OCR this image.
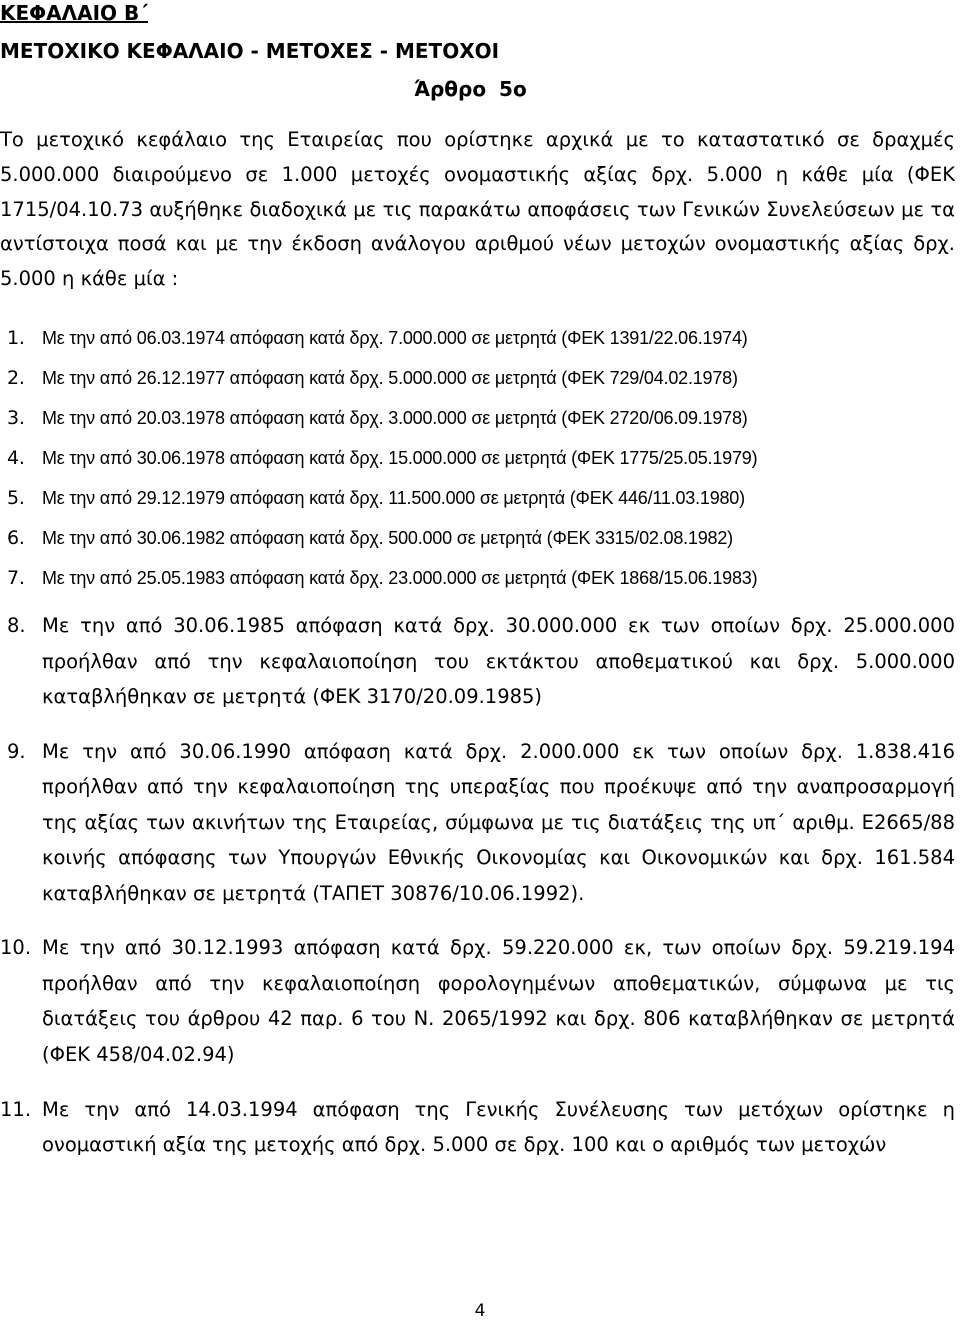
ΚΕΦΑΛΑΙΟ Β΄
ΜΕΤΟΧΙΚΟ ΚΕΦΑΛΑΙΟ - ΜΕΤΟΧΕΣ - ΜΕΤΟΧΟΙ
Άρθρο 5ο

Το μετοχικό κεφάλαιο της Εταιρείας που ορίστηκε αρχικά με το καταστατικό σε δραχμές 5.000.000 διαιρούμενο σε 1.000 μετοχές ονομαστικής αξίας δρχ. 5.000 η κάθε μία (ΦΕΚ 1715/04.10.73 αυξήθηκε διαδοχικά με τις παρακάτω αποφάσεις των Γενικών Συνελεύσεων με τα αντίστοιχα ποσά και με την έκδοση ανάλογου αριθμού νέων μετοχών ονομαστικής αξίας δρχ. 5.000 η κάθε μία :

1. Με την από 06.03.1974 απόφαση κατά δρχ. 7.000.000 σε μετρητά (ΦΕΚ 1391/22.06.1974)
2. Με την από 26.12.1977 απόφαση κατά δρχ. 5.000.000 σε μετρητά (ΦΕΚ 729/04.02.1978)
3. Με την από 20.03.1978 απόφαση κατά δρχ. 3.000.000 σε μετρητά (ΦΕΚ 2720/06.09.1978)
4. Με την από 30.06.1978 απόφαση κατά δρχ. 15.000.000 σε μετρητά (ΦΕΚ 1775/25.05.1979)
5. Με την από 29.12.1979 απόφαση κατά δρχ. 11.500.000 σε μετρητά (ΦΕΚ 446/11.03.1980)
6. Με την από 30.06.1982 απόφαση κατά δρχ. 500.000 σε μετρητά (ΦΕΚ 3315/02.08.1982)
7. Με την από 25.05.1983 απόφαση κατά δρχ. 23.000.000 σε μετρητά (ΦΕΚ 1868/15.06.1983)
8. Με την από 30.06.1985 απόφαση κατά δρχ. 30.000.000 εκ των οποίων δρχ. 25.000.000 προήλθαν από την κεφαλαιοποίηση του εκτάκτου αποθεματικού και δρχ. 5.000.000 καταβλήθηκαν σε μετρητά (ΦΕΚ 3170/20.09.1985)
9. Με την από 30.06.1990 απόφαση κατά δρχ. 2.000.000 εκ των οποίων δρχ. 1.838.416 προήλθαν από την κεφαλαιοποίηση της υπεραξίας που προέκυψε από την αναπροσαρμογή της αξίας των ακινήτων της Εταιρείας, σύμφωνα με τις διατάξεις της υπ΄ αριθμ. Ε2665/88 κοινής απόφασης των Υπουργών Εθνικής Οικονομίας και Οικονομικών και δρχ. 161.584 καταβλήθηκαν σε μετρητά (ΤΑΠΕΤ 30876/10.06.1992).
10. Με την από 30.12.1993 απόφαση κατά δρχ. 59.220.000 εκ, των οποίων δρχ. 59.219.194 προήλθαν από την κεφαλαιοποίηση φορολογημένων αποθεματικών, σύμφωνα με τις διατάξεις του άρθρου 42 παρ. 6 του Ν. 2065/1992 και δρχ. 806 καταβλήθηκαν σε μετρητά (ΦΕΚ 458/04.02.94)
11. Με την από 14.03.1994 απόφαση της Γενικής Συνέλευσης των μετόχων ορίστηκε η ονομαστική αξία της μετοχής από δρχ. 5.000 σε δρχ. 100 και ο αριθμός των μετοχών
4
